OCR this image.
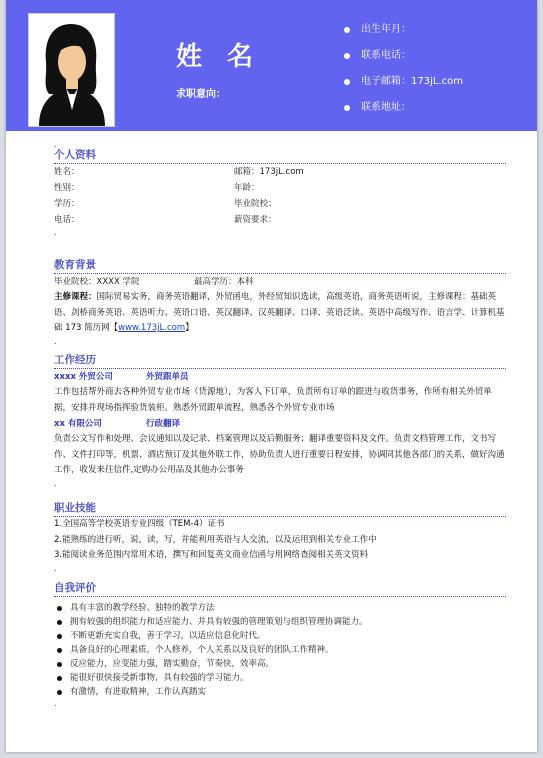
姓 名
求职意向：
出生年月：
联系电话：
电子邮箱：173jL.com
联系地址：
.
个人资料
姓名：	邮箱：173jL.com
性别：	年龄：
学历：	毕业院校：
电话：	薪资要求：
.
教育背景
毕业院校：XXXX 学院	最高学历：本科
主修课程：国际贸易实务，商务英语翻译，外贸函电，外经贸知识选读，高级英语，商务英语听说，主修课程：基础英语、剑桥商务英语、英语听力、英语口语、英汉翻译、汉英翻译、口译、英语泛读、英语中高级写作、语言学、计算机基础 173 简历网【www.173jL.com】
.
工作经历
xxxx 外贸公司	外贸跟单员
工作包括帮外商去各种外贸专业市场（货源地），为客人下订单，负责所有订单的跟进与收货事务，作所有相关外贸单据，安排并现场指挥验货装柜。熟悉外贸跟单流程，熟悉各个外贸专业市场
xx 有限公司	行政翻译
负责公文写作和处理、会议通知以及记录、档案管理以及后勤服务；翻译重要资料及文件。负责文档管理工作，文书写作、文件打印等，机票、酒店预订及其他外联工作，协助负责人进行重要日程安排，协调同其他各部门的关系，做好沟通工作，收发来往信件,定购办公用品及其他办公事务
.
职业技能
1.全国高等学校英语专业四级（TEM-4）证书
2.能熟练的进行听，说，读，写，并能利用英语与人交流，以及运用到相关专业工作中
3.能阅读业务范围内常用术语，撰写和回复英文商业信函与用网络查阅相关英文资料
.
自我评价
具有丰富的教学经验、独特的教学方法
拥有较强的组织能力和适应能力、并具有较强的管理策划与组织管理协调能力。
不断更新充实自我，善于学习，以适应信息化时代。
具备良好的心理素质，个人修养，个人关系以及良好的团队工作精神。
反应能力，应变能力强，踏实勤奋，节奏快，效率高。
能很好很快接受新事物，具有较强的学习能力。
有激情，有进取精神，工作认真踏实
.
